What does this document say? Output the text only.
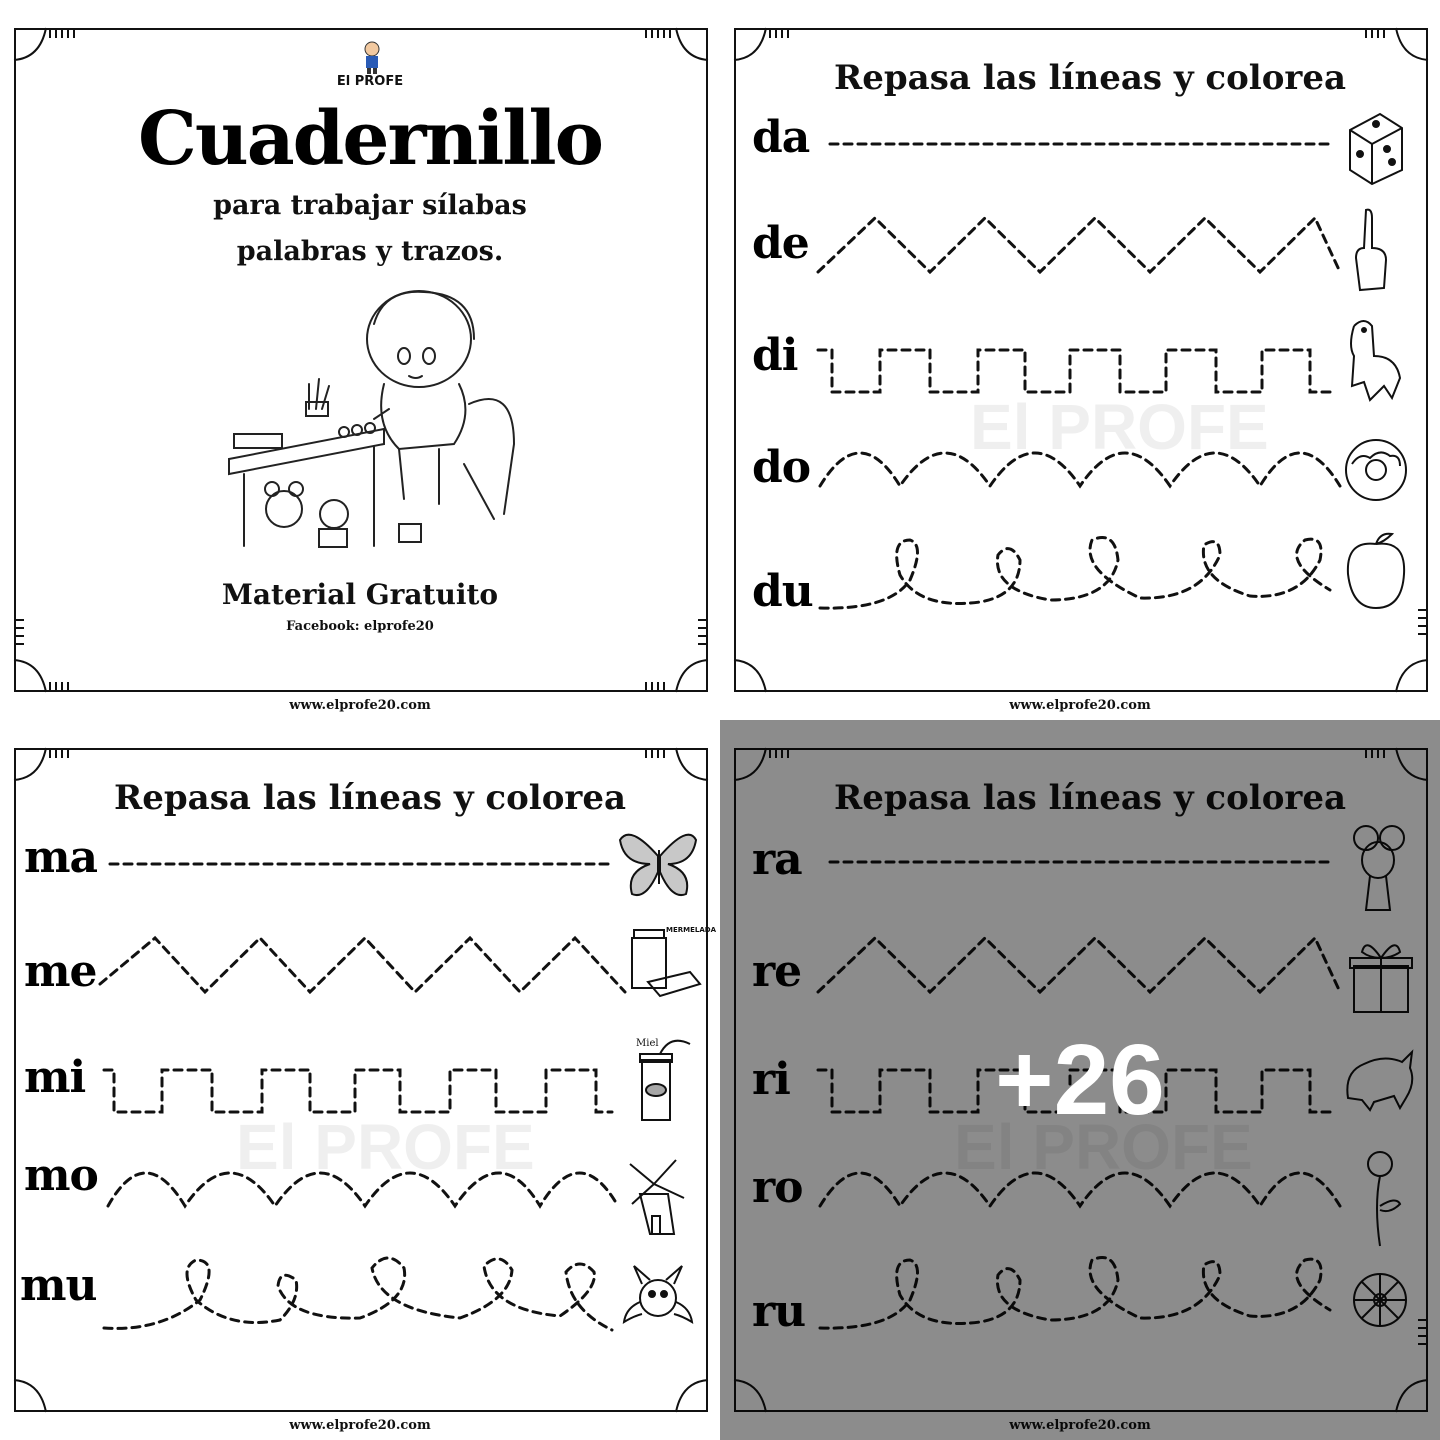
El PROFE
Cuadernillo
para trabajar sílabas
palabras y trazos.
Material Gratuito
Facebook: elprofe20
www.elprofe20.com
El PROFE
Repasa las líneas y colorea
da
de
di
do
du
www.elprofe20.com
El PROFE
Repasa las líneas y colorea
ma
me
mi
mo
mu
MERMELADA
Miel
www.elprofe20.com
El PROFE
Repasa las líneas y colorea
ra
re
ri
ro
ru
www.elprofe20.com
+26
